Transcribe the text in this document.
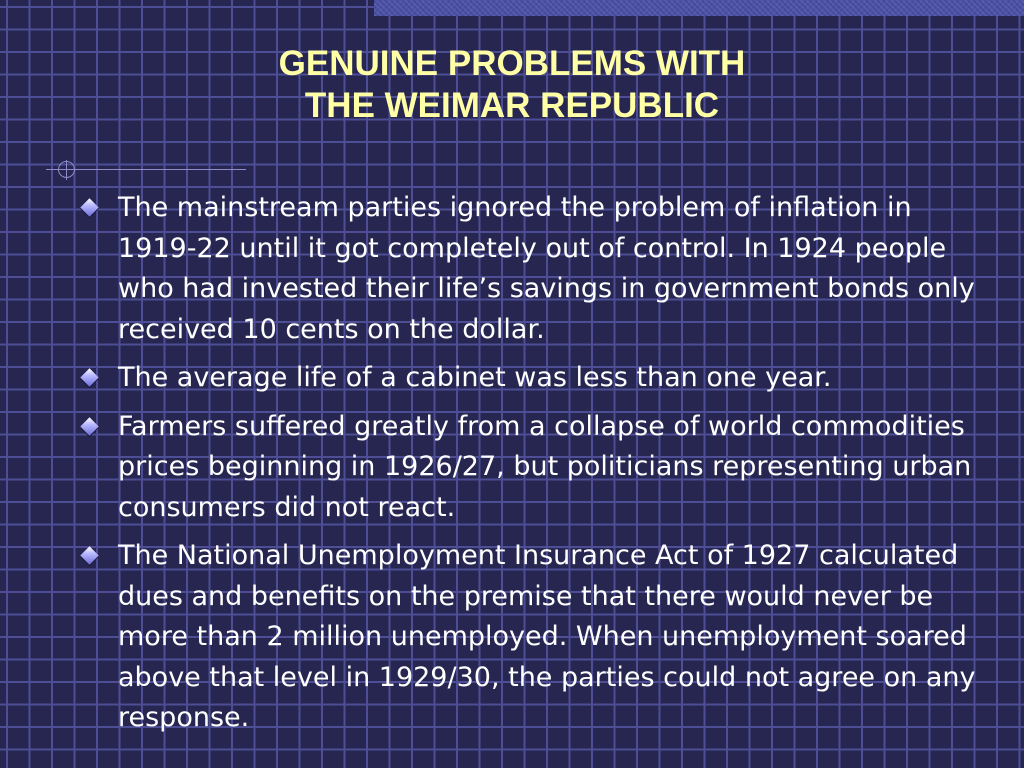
GENUINE PROBLEMS WITH
THE WEIMAR REPUBLIC
The mainstream parties ignored the problem of inflation in 1919-22 until it got completely out of control. In 1924 people who had invested their life’s savings in government bonds only received 10 cents on the dollar.
The average life of a cabinet was less than one year.
Farmers suffered greatly from a collapse of world commodities prices beginning in 1926/27, but politicians representing urban consumers did not react.
The National Unemployment Insurance Act of 1927 calculated dues and benefits on the premise that there would never be more than 2 million unemployed. When unemployment soared above that level in 1929/30, the parties could not agree on any response.
